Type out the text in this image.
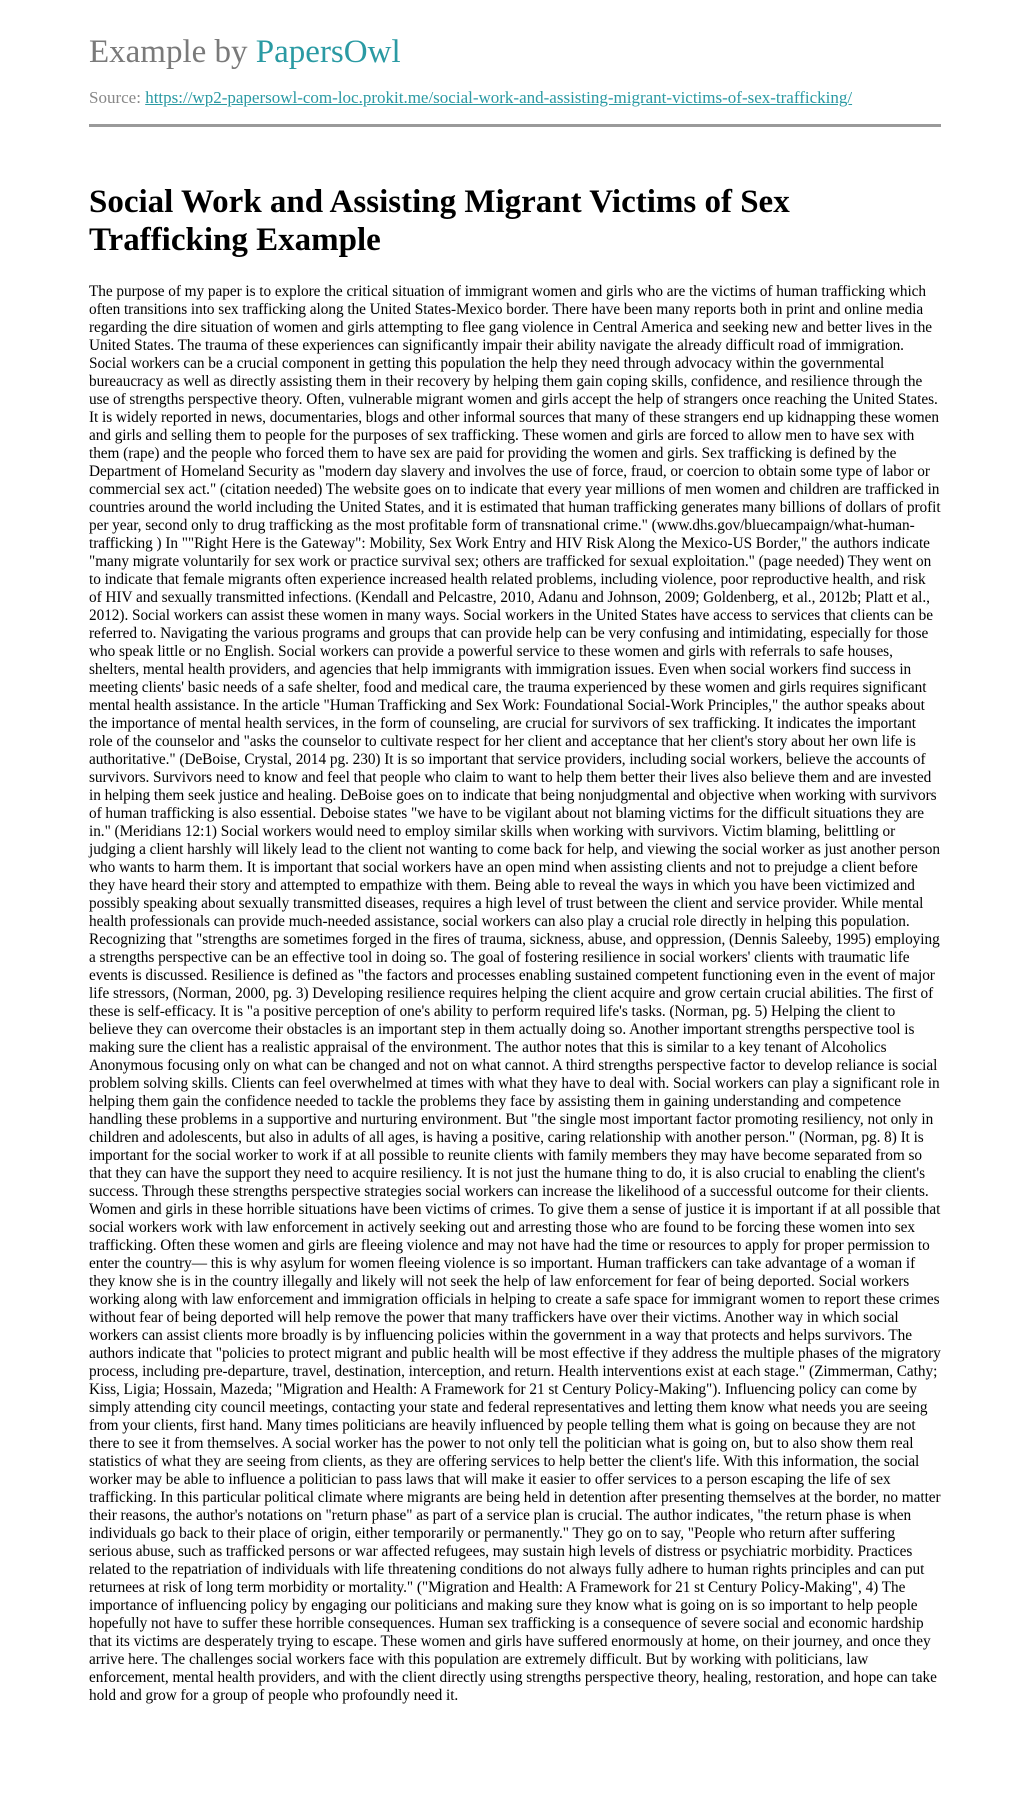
Example by PapersOwl
Source: https://wp2-papersowl-com-loc.prokit.me/social-work-and-assisting-migrant-victims-of-sex-trafficking/
Social Work and Assisting Migrant Victims of Sex Trafficking Example

The purpose of my paper is to explore the critical situation of immigrant women and girls who are the victims of human trafficking which often transitions into sex trafficking along the United States-Mexico border. There have been many reports both in print and online media regarding the dire situation of women and girls attempting to flee gang violence in Central America and seeking new and better lives in the United States. The trauma of these experiences can significantly impair their ability navigate the already difficult road of immigration. Social workers can be a crucial component in getting this population the help they need through advocacy within the governmental bureaucracy as well as directly assisting them in their recovery by helping them gain coping skills, confidence, and resilience through the use of strengths perspective theory. Often, vulnerable migrant women and girls accept the help of strangers once reaching the United States. It is widely reported in news, documentaries, blogs and other informal sources that many of these strangers end up kidnapping these women and girls and selling them to people for the purposes of sex trafficking. These women and girls are forced to allow men to have sex with them (rape) and the people who forced them to have sex are paid for providing the women and girls. Sex trafficking is defined by the Department of Homeland Security as "modern day slavery and involves the use of force, fraud, or coercion to obtain some type of labor or commercial sex act." (citation needed) The website goes on to indicate that every year millions of men women and children are trafficked in countries around the world including the United States, and it is estimated that human trafficking generates many billions of dollars of profit per year, second only to drug trafficking as the most profitable form of transnational crime." (www.dhs.gov/bluecampaign/what-human-trafficking ) In ""Right Here is the Gateway": Mobility, Sex Work Entry and HIV Risk Along the Mexico-US Border," the authors indicate "many migrate voluntarily for sex work or practice survival sex; others are trafficked for sexual exploitation." (page needed) They went on to indicate that female migrants often experience increased health related problems, including violence, poor reproductive health, and risk of HIV and sexually transmitted infections. (Kendall and Pelcastre, 2010, Adanu and Johnson, 2009; Goldenberg, et al., 2012b; Platt et al., 2012). Social workers can assist these women in many ways. Social workers in the United States have access to services that clients can be referred to. Navigating the various programs and groups that can provide help can be very confusing and intimidating, especially for those who speak little or no English. Social workers can provide a powerful service to these women and girls with referrals to safe houses, shelters, mental health providers, and agencies that help immigrants with immigration issues. Even when social workers find success in meeting clients' basic needs of a safe shelter, food and medical care, the trauma experienced by these women and girls requires significant mental health assistance. In the article "Human Trafficking and Sex Work: Foundational Social-Work Principles," the author speaks about the importance of mental health services, in the form of counseling, are crucial for survivors of sex trafficking. It indicates the important role of the counselor and "asks the counselor to cultivate respect for her client and acceptance that her client's story about her own life is authoritative." (DeBoise, Crystal, 2014 pg. 230) It is so important that service providers, including social workers, believe the accounts of survivors. Survivors need to know and feel that people who claim to want to help them better their lives also believe them and are invested in helping them seek justice and healing. DeBoise goes on to indicate that being nonjudgmental and objective when working with survivors of human trafficking is also essential. Deboise states "we have to be vigilant about not blaming victims for the difficult situations they are in." (Meridians 12:1) Social workers would need to employ similar skills when working with survivors. Victim blaming, belittling or judging a client harshly will likely lead to the client not wanting to come back for help, and viewing the social worker as just another person who wants to harm them. It is important that social workers have an open mind when assisting clients and not to prejudge a client before they have heard their story and attempted to empathize with them. Being able to reveal the ways in which you have been victimized and possibly speaking about sexually transmitted diseases, requires a high level of trust between the client and service provider. While mental health professionals can provide much-needed assistance, social workers can also play a crucial role directly in helping this population. Recognizing that "strengths are sometimes forged in the fires of trauma, sickness, abuse, and oppression, (Dennis Saleeby, 1995) employing a strengths perspective can be an effective tool in doing so. The goal of fostering resilience in social workers' clients with traumatic life events is discussed. Resilience is defined as "the factors and processes enabling sustained competent functioning even in the event of major life stressors, (Norman, 2000, pg. 3) Developing resilience requires helping the client acquire and grow certain crucial abilities. The first of these is self-efficacy. It is "a positive perception of one's ability to perform required life's tasks. (Norman, pg. 5) Helping the client to believe they can overcome their obstacles is an important step in them actually doing so. Another important strengths perspective tool is making sure the client has a realistic appraisal of the environment. The author notes that this is similar to a key tenant of Alcoholics Anonymous focusing only on what can be changed and not on what cannot. A third strengths perspective factor to develop reliance is social problem solving skills. Clients can feel overwhelmed at times with what they have to deal with. Social workers can play a significant role in helping them gain the confidence needed to tackle the problems they face by assisting them in gaining understanding and competence handling these problems in a supportive and nurturing environment. But "the single most important factor promoting resiliency, not only in children and adolescents, but also in adults of all ages, is having a positive, caring relationship with another person." (Norman, pg. 8) It is important for the social worker to work if at all possible to reunite clients with family members they may have become separated from so that they can have the support they need to acquire resiliency. It is not just the humane thing to do, it is also crucial to enabling the client's success. Through these strengths perspective strategies social workers can increase the likelihood of a successful outcome for their clients. Women and girls in these horrible situations have been victims of crimes. To give them a sense of justice it is important if at all possible that social workers work with law enforcement in actively seeking out and arresting those who are found to be forcing these women into sex trafficking. Often these women and girls are fleeing violence and may not have had the time or resources to apply for proper permission to enter the country— this is why asylum for women fleeing violence is so important. Human traffickers can take advantage of a woman if they know she is in the country illegally and likely will not seek the help of law enforcement for fear of being deported. Social workers working along with law enforcement and immigration officials in helping to create a safe space for immigrant women to report these crimes without fear of being deported will help remove the power that many traffickers have over their victims. Another way in which social workers can assist clients more broadly is by influencing policies within the government in a way that protects and helps survivors. The authors indicate that "policies to protect migrant and public health will be most effective if they address the multiple phases of the migratory process, including pre-departure, travel, destination, interception, and return. Health interventions exist at each stage." (Zimmerman, Cathy; Kiss, Ligia; Hossain, Mazeda; "Migration and Health: A Framework for 21 st Century Policy-Making"). Influencing policy can come by simply attending city council meetings, contacting your state and federal representatives and letting them know what needs you are seeing from your clients, first hand. Many times politicians are heavily influenced by people telling them what is going on because they are not there to see it from themselves. A social worker has the power to not only tell the politician what is going on, but to also show them real statistics of what they are seeing from clients, as they are offering services to help better the client's life. With this information, the social worker may be able to influence a politician to pass laws that will make it easier to offer services to a person escaping the life of sex trafficking. In this particular political climate where migrants are being held in detention after presenting themselves at the border, no matter their reasons, the author's notations on "return phase" as part of a service plan is crucial. The author indicates, "the return phase is when individuals go back to their place of origin, either temporarily or permanently." They go on to say, "People who return after suffering serious abuse, such as trafficked persons or war affected refugees, may sustain high levels of distress or psychiatric morbidity. Practices related to the repatriation of individuals with life threatening conditions do not always fully adhere to human rights principles and can put returnees at risk of long term morbidity or mortality." ("Migration and Health: A Framework for 21 st Century Policy-Making", 4) The importance of influencing policy by engaging our politicians and making sure they know what is going on is so important to help people hopefully not have to suffer these horrible consequences. Human sex trafficking is a consequence of severe social and economic hardship that its victims are desperately trying to escape. These women and girls have suffered enormously at home, on their journey, and once they arrive here. The challenges social workers face with this population are extremely difficult. But by working with politicians, law enforcement, mental health providers, and with the client directly using strengths perspective theory, healing, restoration, and hope can take hold and grow for a group of people who profoundly need it.
